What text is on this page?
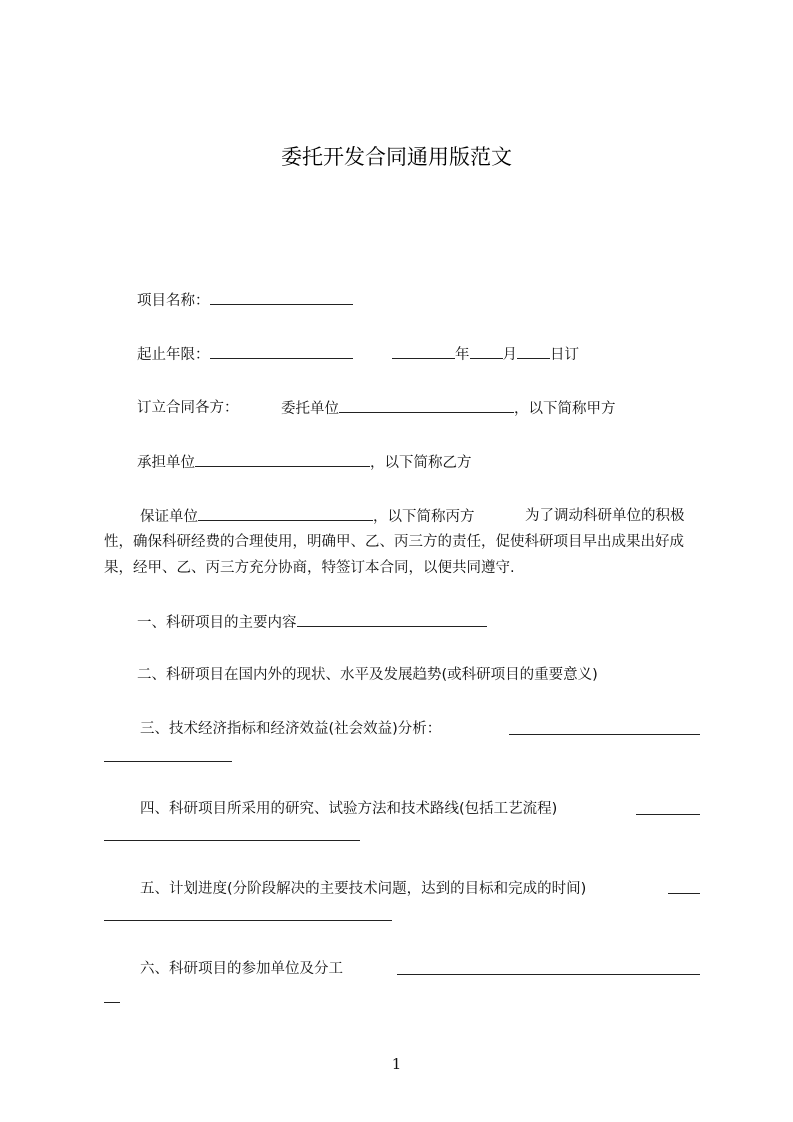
委托开发合同通用版范文
项目名称：
起止年限：	年 月 日订
订立合同各方：	委托单位	，以下简称甲方
承担单位	，以下简称乙方
保证单位	，以下简称丙方	为了调动科研单位的积极
性，确保科研经费的合理使用，明确甲、乙、丙三方的责任，促使科研项目早出成果出好成果，经甲、乙、丙三方充分协商，特签订本合同，以便共同遵守.
一、科研项目的主要内容
二、科研项目在国内外的现状、水平及发展趋势(或科研项目的重要意义)
三、技术经济指标和经济效益(社会效益)分析：
四、科研项目所采用的研究、试验方法和技术路线(包括工艺流程)
五、计划进度(分阶段解决的主要技术问题，达到的目标和完成的时间)
六、科研项目的参加单位及分工
1
